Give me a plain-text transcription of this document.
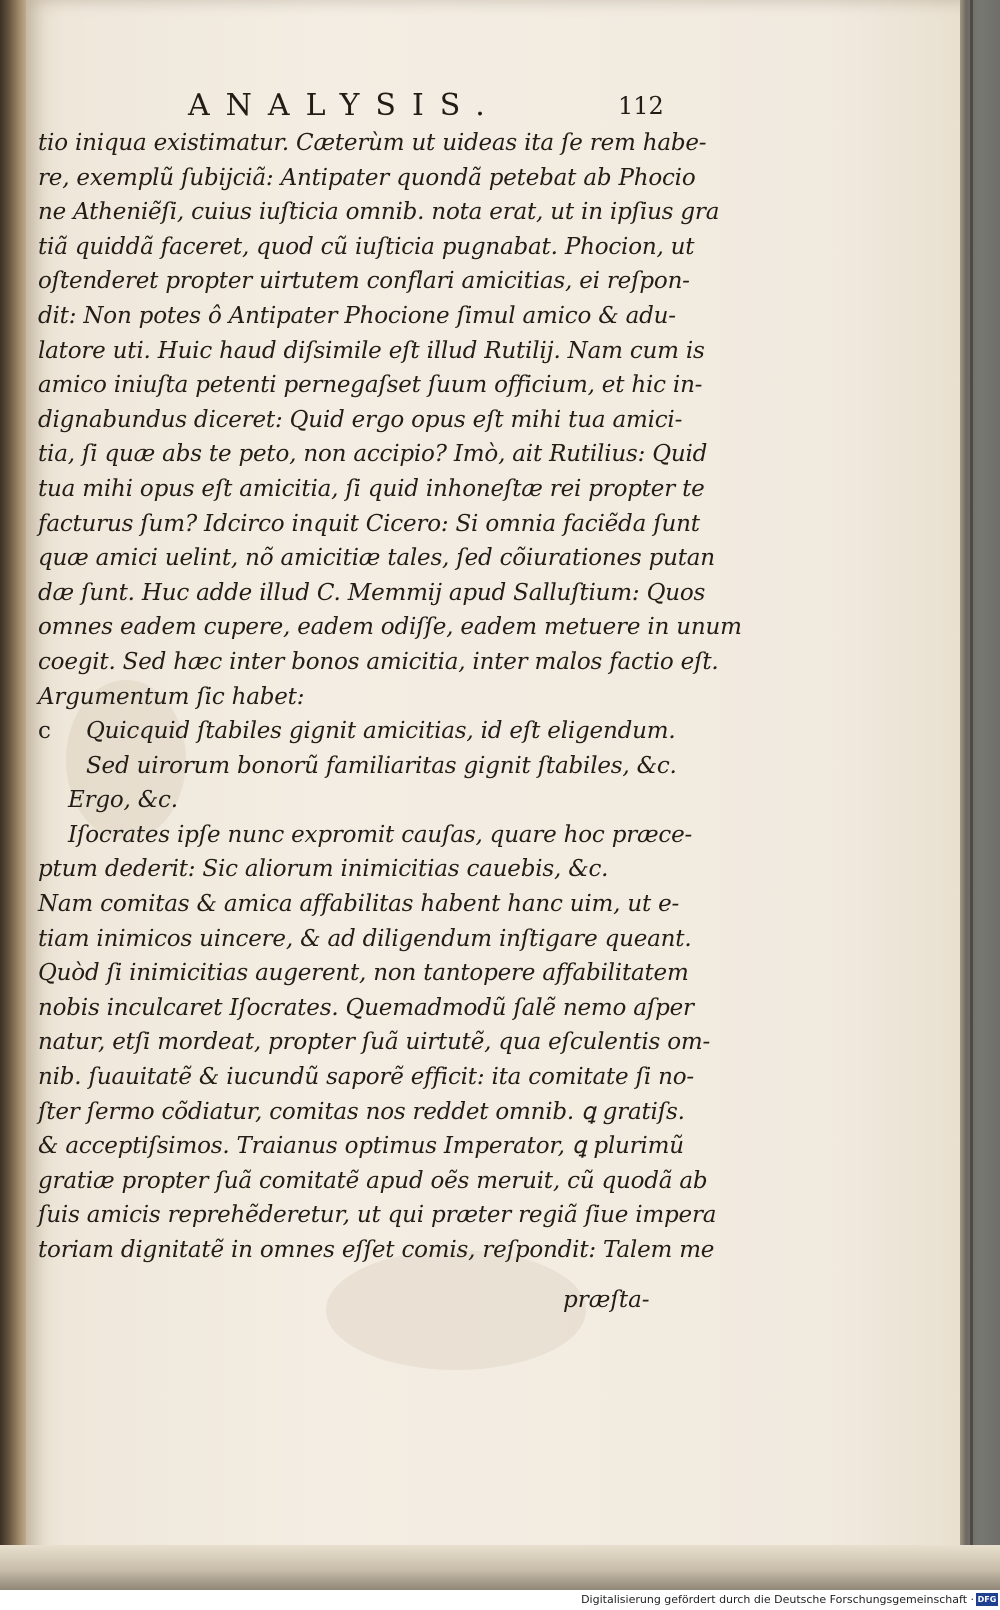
ANALYSIS.	112
tio iniqua existimatur. Cæterùm ut uideas ita ſe rem habe-
re, exemplũ ſubijciã: Antipater quondã petebat ab Phocio
ne Atheniẽſi, cuius iuſticia omnib. nota erat, ut in ipſius gra
tiã quiddã faceret, quod cũ iuſticia pugnabat. Phocion, ut
oſtenderet propter uirtutem conflari amicitias, ei reſpon-
dit: Non potes ô Antipater Phocione ſimul amico & adu-
latore uti. Huic haud diſsimile eſt illud Rutilij. Nam cum is
amico iniuſta petenti pernegaſset ſuum officium, et hic in-
dignabundus diceret: Quid ergo opus eſt mihi tua amici-
tia, ſi quæ abs te peto, non accipio? Imò, ait Rutilius: Quid
tua mihi opus eſt amicitia, ſi quid inhoneſtæ rei propter te
facturus ſum? Idcirco inquit Cicero: Si omnia faciẽda ſunt
quæ amici uelint, nõ amicitiæ tales, ſed cõiurationes putan
dæ ſunt. Huc adde illud C. Memmij apud Salluſtium: Quos
omnes eadem cupere, eadem odiſſe, eadem metuere in unum
coegit. Sed hæc inter bonos amicitia, inter malos factio eſt.
Argumentum ſic habet:
c Quicquid ſtabiles gignit amicitias, id eſt eligendum.
Sed uirorum bonorũ familiaritas gignit ſtabiles, &c.
Ergo, &c.
Iſocrates ipſe nunc expromit cauſas, quare hoc præce-
ptum dederit: Sic aliorum inimicitias cauebis, &c.
Nam comitas & amica affabilitas habent hanc uim, ut e-
tiam inimicos uincere, & ad diligendum inſtigare queant.
Quòd ſi inimicitias augerent, non tantopere affabilitatem
nobis inculcaret Iſocrates. Quemadmodũ ſalẽ nemo aſper
natur, etſi mordeat, propter ſuã uirtutẽ, qua eſculentis om-
nib. ſuauitatẽ & iucundũ saporẽ efficit: ita comitate ſi no-
ſter ſermo cõdiatur, comitas nos reddet omnib. ꝗ gratiſs.
& acceptiſsimos. Traianus optimus Imperator, ꝗ plurimũ
gratiæ propter ſuã comitatẽ apud oẽs meruit, cũ quodã ab
ſuis amicis reprehẽderetur, ut qui præter regiã ſiue impera
toriam dignitatẽ in omnes eſſet comis, reſpondit: Talem me
præſta-
Digitalisierung gefördert durch die Deutsche Forschungsgemeinschaft · DFG
